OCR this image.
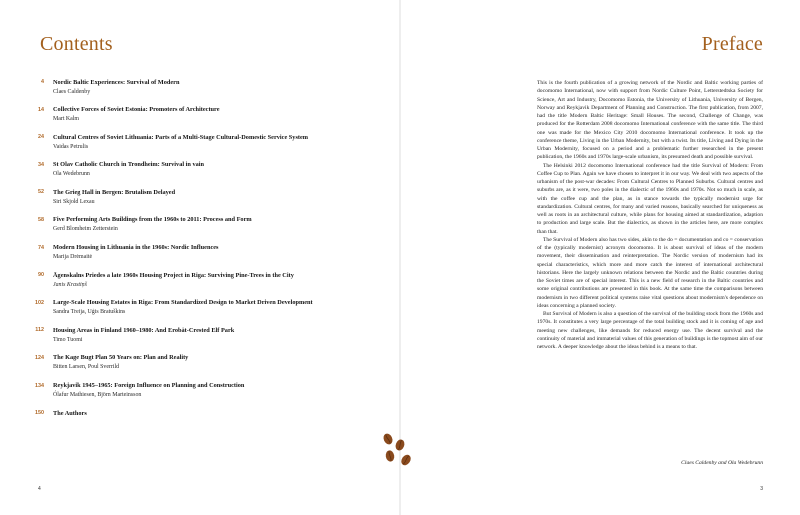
Contents
4 Nordic Baltic Experiences: Survival of Modern
Claes Caldenby
14 Collective Forces of Soviet Estonia: Promoters of Architecture
Mart Kalm
24 Cultural Centres of Soviet Lithuania: Parts of a Multi-Stage Cultural-Domestic Service System
Vaidas Petrulis
34 St Olav Catholic Church in Trondheim: Survival in vain
Ola Wedebrunn
52 The Grieg Hall in Bergen: Brutalism Delayed
Siri Skjold Lexau
58 Five Performing Arts Buildings from the 1960s to 2011: Process and Form
Gerd Blomheim Zetterstein
74 Modern Housing in Lithuania in the 1960s: Nordic Influences
Marija Drėmaitė
90 Āgenskalns Priedes a late 1960s Housing Project in Riga: Surviving Pine-Trees in the City
Janis Krastiņš
102 Large-Scale Housing Estates in Riga: From Standardized Design to Market Driven Development
Sandra Treija, Uģis Bratuškins
112 Housing Areas in Finland 1960–1980: And Erobåt-Crested Elf Park
Timo Tuomi
124 The Kage Bugt Plan 50 Years on: Plan and Reality
Bitten Larsen, Poul Sverrild
134 Reykjavik 1945–1965: Foreign Influence on Planning and Construction
Ólafur Mathiesen, Björn Marteinsson
150 The Authors
4
Preface

This is the fourth publication of a growing network of the Nordic and Baltic working parties of docomomo International, now with support from Nordic Culture Point, Letterstedtska Society for Science, Art and Industry, Docomomo Estonia, the University of Lithuania, University of Bergen, Norway and Reykjavik Department of Planning and Construction. The first publication, from 2007, had the title Modern Baltic Heritage: Small Houses. The second, Challenge of Change, was produced for the Rotterdam 2008 docomomo International conference with the same title. The third one was made for the Mexico City 2010 docomomo International conference. It took up the conference theme, Living in the Urban Modernity, but with a twist. Its title, Living and Dying in the Urban Modernity, focused on a period and a problematic further researched in the present publication, the 1960s and 1970s large-scale urbanism, its presumed death and possible survival.

The Helsinki 2012 docomomo International conference had the title Survival of Modern: From Coffee Cup to Plan. Again we have chosen to interpret it in our way. We deal with two aspects of the urbanism of the post-war decades: From Cultural Centres to Planned Suburbs. Cultural centres and suburbs are, as it were, two poles in the dialectic of the 1960s and 1970s. Not so much in scale, as with the coffee cup and the plan, as in stance towards the typically modernist urge for standardization. Cultural centres, for many and varied reasons, basically searched for uniqueness as well as roots in an architectural culture, while plans for housing aimed at standardization, adaption to production and large scale. But the dialectics, as shown in the articles here, are more complex than that.

The Survival of Modern also has two sides, akin to the do = documentation and co = conservation of the (typically modernist) acronym docomomo. It is about survival of ideas of the modern movement, their dissemination and reinterpretation. The Nordic version of modernism had its special characteristics, which more and more catch the interest of international architectural historians. Here the largely unknown relations between the Nordic and the Baltic countries during the Soviet times are of special interest. This is a new field of research in the Baltic countries and some original contributions are presented in this book. At the same time the comparisons between modernism in two different political systems raise vital questions about modernism's dependence on ideas concerning a planned society.

But Survival of Modern is also a question of the survival of the building stock from the 1960s and 1970s. It constitutes a very large percentage of the total building stock and it is coming of age and meeting new challenges, like demands for reduced energy use. The decent survival and the continuity of material and immaterial values of this generation of buildings is the topmost aim of our network. A deeper knowledge about the ideas behind is a means to that.

Claes Caldenby and Ola Wedebrunn
3
